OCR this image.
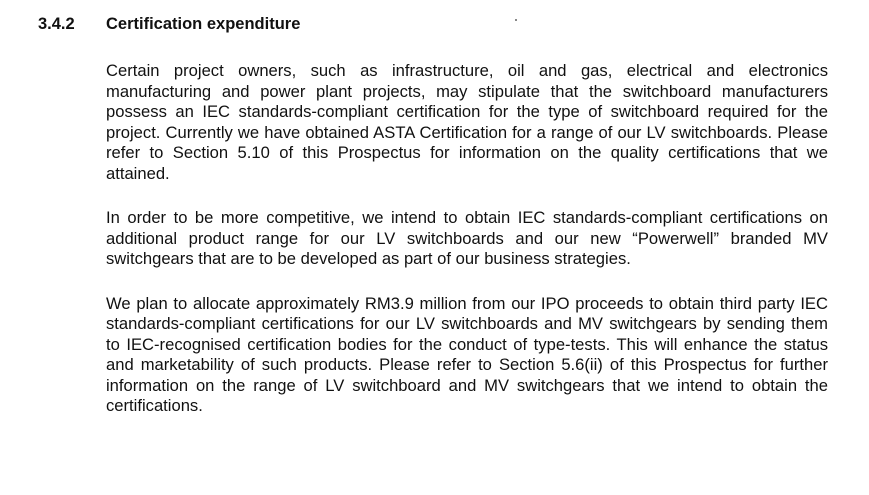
3.4.2 Certification expenditure

Certain project owners, such as infrastructure, oil and gas, electrical and electronics manufacturing and power plant projects, may stipulate that the switchboard manufacturers possess an IEC standards-compliant certification for the type of switchboard required for the project. Currently we have obtained ASTA Certification for a range of our LV switchboards. Please refer to Section 5.10 of this Prospectus for information on the quality certifications that we attained.

In order to be more competitive, we intend to obtain IEC standards-compliant certifications on additional product range for our LV switchboards and our new “Powerwell” branded MV switchgears that are to be developed as part of our business strategies.

We plan to allocate approximately RM3.9 million from our IPO proceeds to obtain third party IEC standards-compliant certifications for our LV switchboards and MV switchgears by sending them to IEC-recognised certification bodies for the conduct of type-tests. This will enhance the status and marketability of such products. Please refer to Section 5.6(ii) of this Prospectus for further information on the range of LV switchboard and MV switchgears that we intend to obtain the certifications.
